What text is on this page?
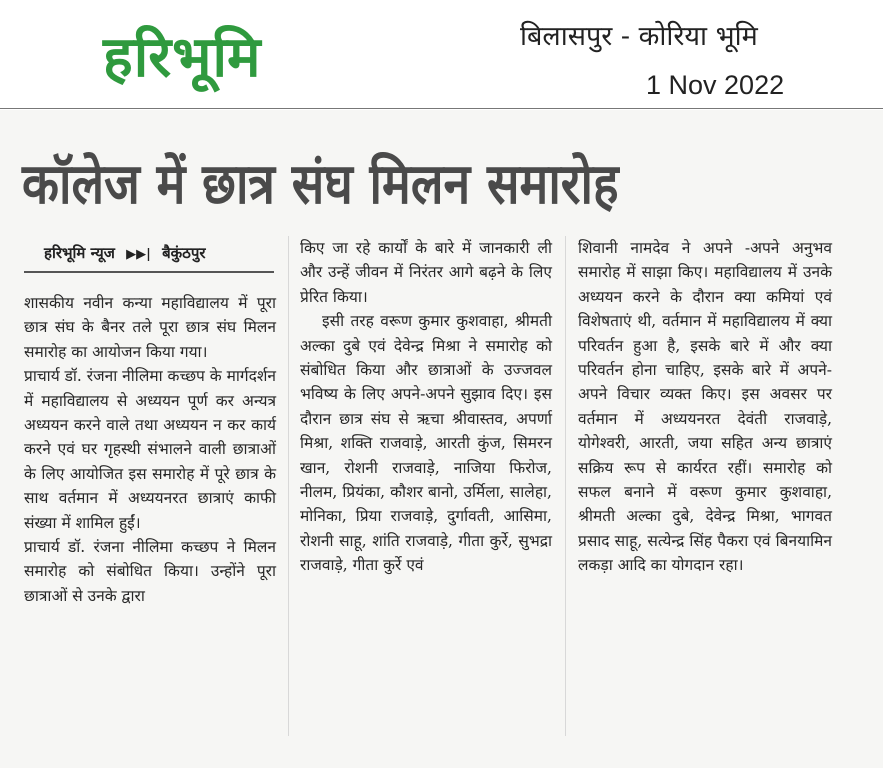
हरिभूमि	बिलासपुर - कोरिया भूमि
1 Nov 2022
कॉलेज में छात्र संघ मिलन समारोह
हरिभूमि न्यूज ▶▶| बैकुंठपुर

शासकीय नवीन कन्या महाविद्यालय में पूरा छात्र संघ के बैनर तले पूरा छात्र संघ मिलन समारोह का आयोजन किया गया।

प्राचार्य डॉ. रंजना नीलिमा कच्छप के मार्गदर्शन में महाविद्यालय से अध्ययन पूर्ण कर अन्यत्र अध्ययन करने वाले तथा अध्ययन न कर कार्य करने एवं घर गृहस्थी संभालने वाली छात्राओं के लिए आयोजित इस समारोह में पूरे छात्र के साथ वर्तमान में अध्ययनरत छात्राएं काफी संख्या में शामिल हुईं।

प्राचार्य डॉ. रंजना नीलिमा कच्छप ने मिलन समारोह को संबोधित किया। उन्होंने पूरा छात्राओं से उनके द्वारा

किए जा रहे कार्यों के बारे में जानकारी ली और उन्हें जीवन में निरंतर आगे बढ़ने के लिए प्रेरित किया।

इसी तरह वरूण कुमार कुशवाहा, श्रीमती अल्का दुबे एवं देवेन्द्र मिश्रा ने समारोह को संबोधित किया और छात्राओं के उज्जवल भविष्य के लिए अपने-अपने सुझाव दिए। इस दौरान छात्र संघ से ऋचा श्रीवास्तव, अपर्णा मिश्रा, शक्ति राजवाड़े, आरती कुंज, सिमरन खान, रोशनी राजवाड़े, नाजिया फिरोज, नीलम, प्रियंका, कौशर बानो, उर्मिला, सालेहा, मोनिका, प्रिया राजवाड़े, दुर्गावती, आसिमा, रोशनी साहू, शांति राजवाड़े, गीता कुर्रे, सुभद्रा राजवाड़े, गीता कुर्रे एवं

शिवानी नामदेव ने अपने -अपने अनुभव समारोह में साझा किए। महाविद्यालय में उनके अध्ययन करने के दौरान क्या कमियां एवं विशेषताएं थी, वर्तमान में महाविद्यालय में क्या परिवर्तन हुआ है, इसके बारे में और क्या परिवर्तन होना चाहिए, इसके बारे में अपने-अपने विचार व्यक्त किए। इस अवसर पर वर्तमान में अध्ययनरत देवंती राजवाड़े, योगेश्वरी, आरती, जया सहित अन्य छात्राएं सक्रिय रूप से कार्यरत रहीं। समारोह को सफल बनाने में वरूण कुमार कुशवाहा, श्रीमती अल्का दुबे, देवेन्द्र मिश्रा, भागवत प्रसाद साहू, सत्येन्द्र सिंह पैकरा एवं बिनयामिन लकड़ा आदि का योगदान रहा।
